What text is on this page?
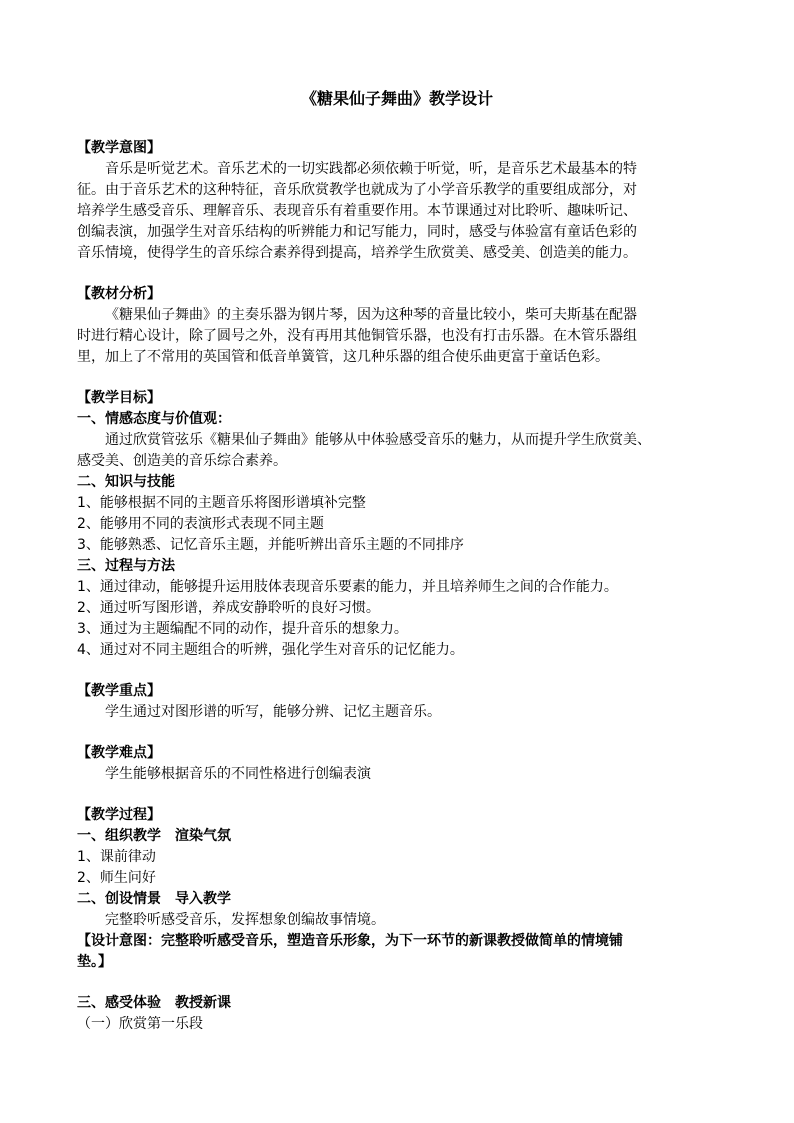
《糖果仙子舞曲》教学设计
【教学意图】
音乐是听觉艺术。音乐艺术的一切实践都必须依赖于听觉，听，是音乐艺术最基本的特
征。由于音乐艺术的这种特征，音乐欣赏教学也就成为了小学音乐教学的重要组成部分，对
培养学生感受音乐、理解音乐、表现音乐有着重要作用。本节课通过对比聆听、趣味听记、
创编表演，加强学生对音乐结构的听辨能力和记写能力，同时，感受与体验富有童话色彩的
音乐情境，使得学生的音乐综合素养得到提高，培养学生欣赏美、感受美、创造美的能力。
【教材分析】
《糖果仙子舞曲》的主奏乐器为钢片琴，因为这种琴的音量比较小，柴可夫斯基在配器
时进行精心设计，除了圆号之外，没有再用其他铜管乐器，也没有打击乐器。在木管乐器组
里，加上了不常用的英国管和低音单簧管，这几种乐器的组合使乐曲更富于童话色彩。
【教学目标】
一、情感态度与价值观：
通过欣赏管弦乐《糖果仙子舞曲》能够从中体验感受音乐的魅力，从而提升学生欣赏美、
感受美、创造美的音乐综合素养。
二、知识与技能
1、能够根据不同的主题音乐将图形谱填补完整
2、能够用不同的表演形式表现不同主题
3、能够熟悉、记忆音乐主题，并能听辨出音乐主题的不同排序
三、过程与方法
1、通过律动，能够提升运用肢体表现音乐要素的能力，并且培养师生之间的合作能力。
2、通过听写图形谱，养成安静聆听的良好习惯。
3、通过为主题编配不同的动作，提升音乐的想象力。
4、通过对不同主题组合的听辨，强化学生对音乐的记忆能力。
【教学重点】
学生通过对图形谱的听写，能够分辨、记忆主题音乐。
【教学难点】
学生能够根据音乐的不同性格进行创编表演
【教学过程】
一、组织教学　渲染气氛
1、课前律动
2、师生问好
二、创设情景　导入教学
完整聆听感受音乐，发挥想象创编故事情境。
【设计意图：完整聆听感受音乐，塑造音乐形象，为下一环节的新课教授做简单的情境铺
垫。】
三、感受体验　教授新课
（一）欣赏第一乐段
